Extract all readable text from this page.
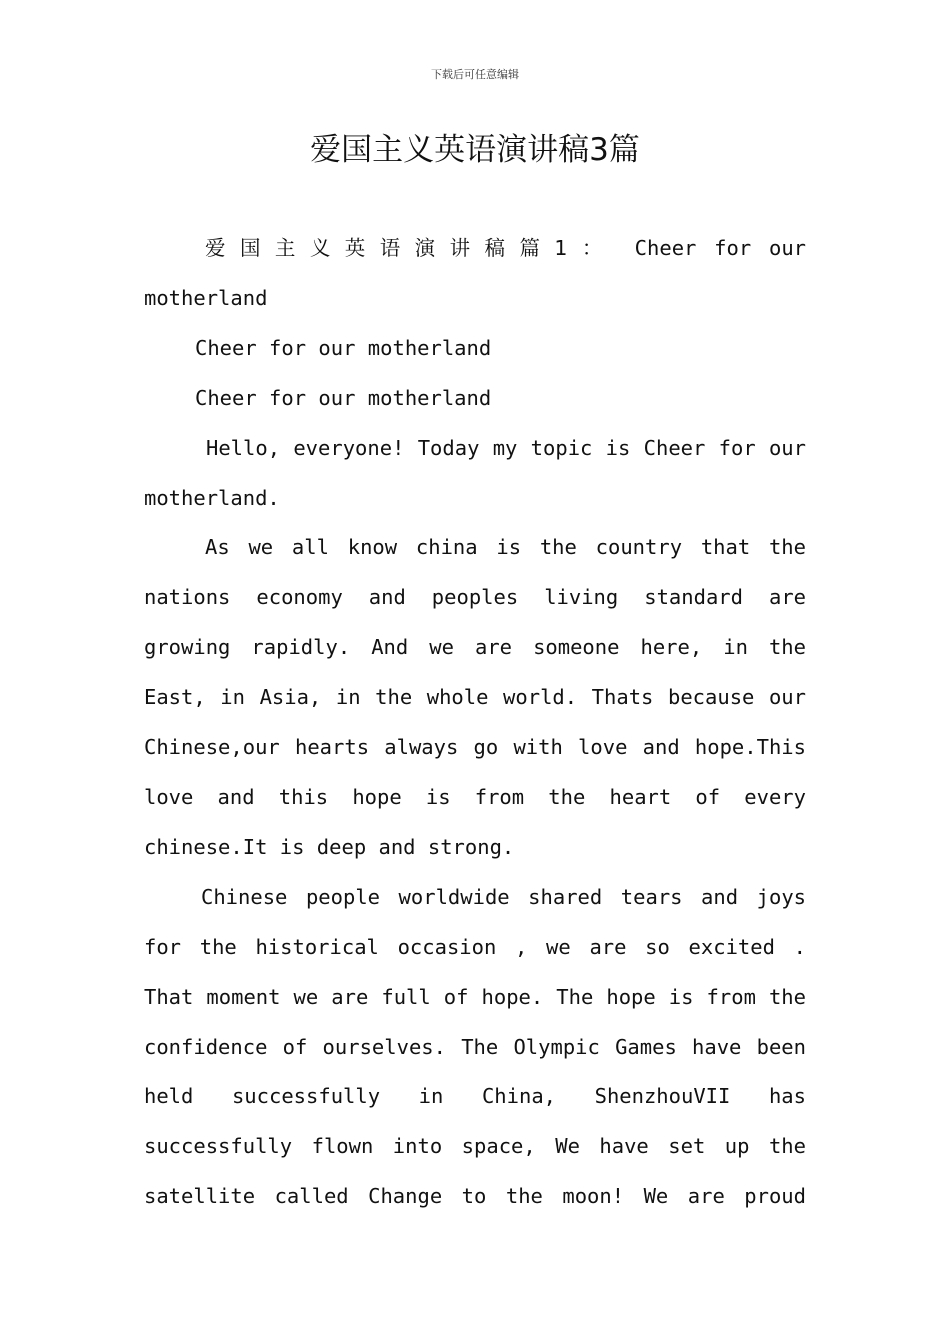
下载后可任意编辑

爱国主义英语演讲稿3篇

爱国主义英语演讲稿篇1： Cheer for our motherland

Cheer for our motherland

Cheer for our motherland

Hello, everyone! Today my topic is Cheer for our motherland.

As we all know china is the country that the nations economy and peoples living standard are growing rapidly. And we are someone here, in the East, in Asia, in the whole world. Thats because our Chinese,our hearts always go with love and hope.This love and this hope is from the heart of every chinese.It is deep and strong.

Chinese people worldwide shared tears and joys for the historical occasion , we are so excited . That moment we are full of hope. The hope is from the confidence of ourselves. The Olympic Games have been held successfully in China, ShenzhouVII has successfully flown into space, We have set up the satellite called Change to the moon! We are proud
